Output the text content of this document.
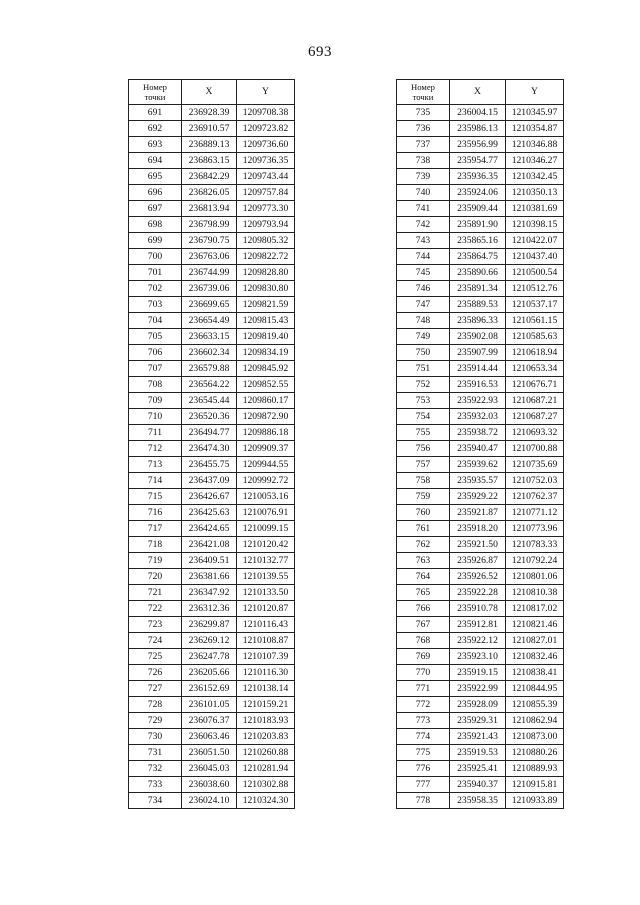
693
Номер
точки	X	Y
691	236928.39	1209708.38
692	236910.57	1209723.82
693	236889.13	1209736.60
694	236863.15	1209736.35
695	236842.29	1209743.44
696	236826.05	1209757.84
697	236813.94	1209773.30
698	236798.99	1209793.94
699	236790.75	1209805.32
700	236763.06	1209822.72
701	236744.99	1209828.80
702	236739.06	1209830.80
703	236699.65	1209821.59
704	236654.49	1209815.43
705	236633.15	1209819.40
706	236602.34	1209834.19
707	236579.88	1209845.92
708	236564.22	1209852.55
709	236545.44	1209860.17
710	236520.36	1209872.90
711	236494.77	1209886.18
712	236474.30	1209909.37
713	236455.75	1209944.55
714	236437.09	1209992.72
715	236426.67	1210053.16
716	236425.63	1210076.91
717	236424.65	1210099.15
718	236421.08	1210120.42
719	236409.51	1210132.77
720	236381.66	1210139.55
721	236347.92	1210133.50
722	236312.36	1210120.87
723	236299.87	1210116.43
724	236269.12	1210108.87
725	236247.78	1210107.39
726	236205.66	1210116.30
727	236152.69	1210138.14
728	236101.05	1210159.21
729	236076.37	1210183.93
730	236063.46	1210203.83
731	236051.50	1210260.88
732	236045.03	1210281.94
733	236038.60	1210302.88
734	236024.10	1210324.30
Номер
точки	X	Y
735	236004.15	1210345.97
736	235986.13	1210354.87
737	235956.99	1210346.88
738	235954.77	1210346.27
739	235936.35	1210342.45
740	235924.06	1210350.13
741	235909.44	1210381.69
742	235891.90	1210398.15
743	235865.16	1210422.07
744	235864.75	1210437.40
745	235890.66	1210500.54
746	235891.34	1210512.76
747	235889.53	1210537.17
748	235896.33	1210561.15
749	235902.08	1210585.63
750	235907.99	1210618.94
751	235914.44	1210653.34
752	235916.53	1210676.71
753	235922.93	1210687.21
754	235932.03	1210687.27
755	235938.72	1210693.32
756	235940.47	1210700.88
757	235939.62	1210735.69
758	235935.57	1210752.03
759	235929.22	1210762.37
760	235921.87	1210771.12
761	235918.20	1210773.96
762	235921.50	1210783.33
763	235926.87	1210792.24
764	235926.52	1210801.06
765	235922.28	1210810.38
766	235910.78	1210817.02
767	235912.81	1210821.46
768	235922.12	1210827.01
769	235923.10	1210832.46
770	235919.15	1210838.41
771	235922.99	1210844.95
772	235928.09	1210855.39
773	235929.31	1210862.94
774	235921.43	1210873.00
775	235919.53	1210880.26
776	235925.41	1210889.93
777	235940.37	1210915.81
778	235958.35	1210933.89
